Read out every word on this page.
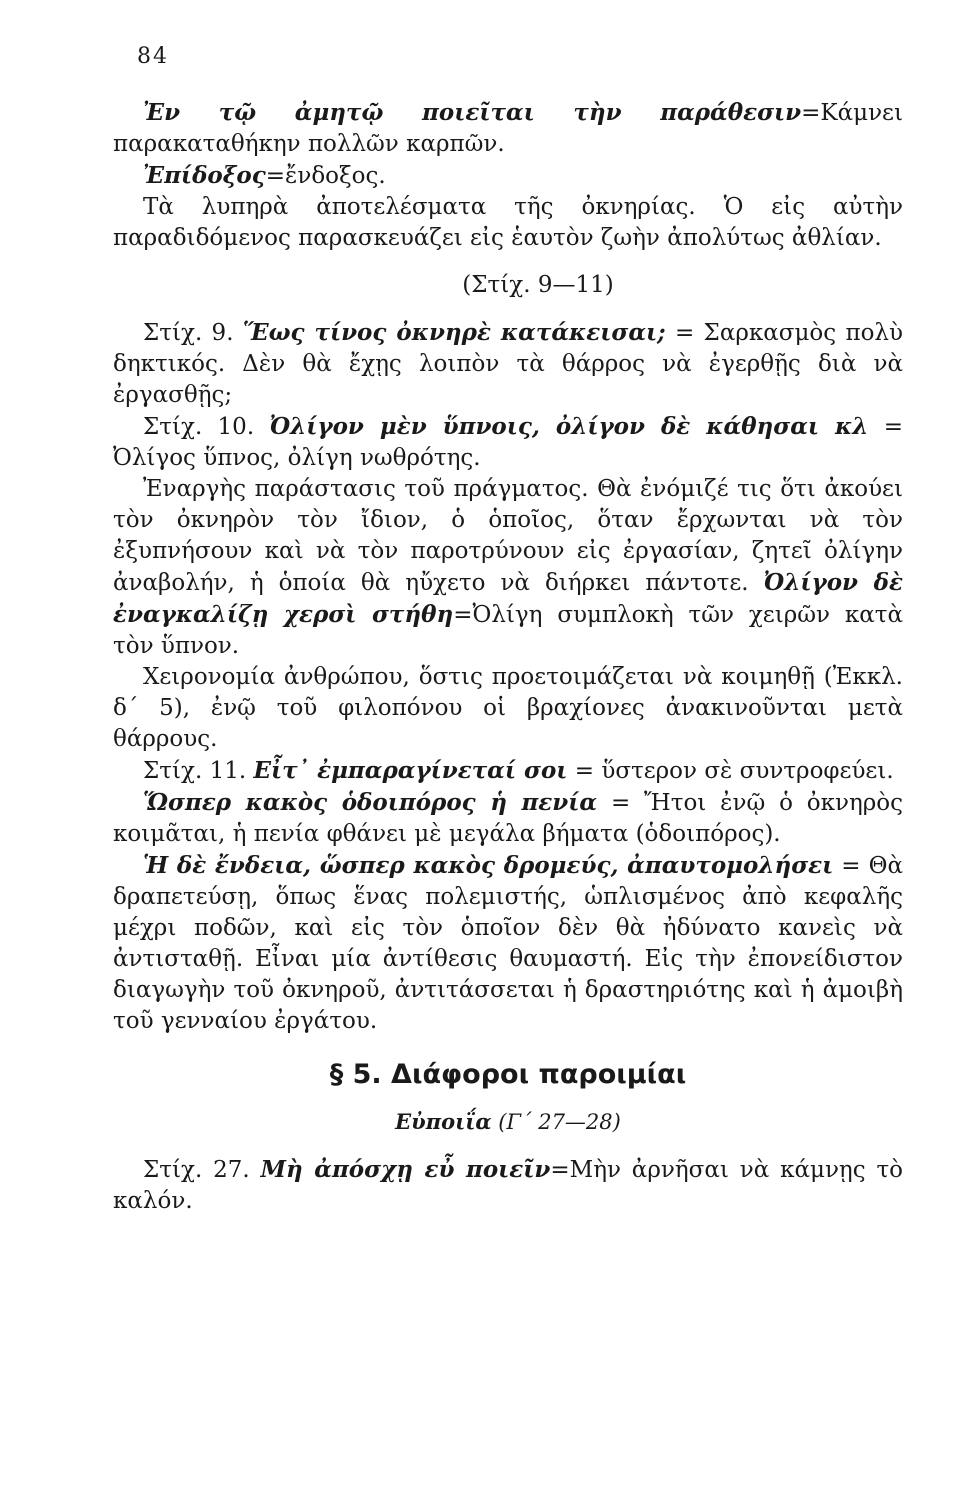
84

Ἐν τῷ ἀμητῷ ποιεῖται τὴν παράθεσιν=Κάμνει παρακαταθήκην πολλῶν καρπῶν.

Ἐπίδοξος=ἔνδοξος.

Τὰ λυπηρὰ ἀποτελέσματα τῆς ὀκνηρίας. Ὁ εἰς αὐτὴν παραδιδόμενος παρασκευάζει εἰς ἑαυτὸν ζωὴν ἀπολύτως ἀθλίαν.

(Στίχ. 9—11)

Στίχ. 9. Ἕως τίνος ὀκνηρὲ κατάκεισαι; = Σαρκασμὸς πολὺ δηκτικός. Δὲν θὰ ἔχῃς λοιπὸν τὰ θάρρος νὰ ἐγερθῇς διὰ νὰ ἐργασθῇς;

Στίχ. 10. Ὀλίγον μὲν ὕπνοις, ὀλίγον δὲ κάθησαι κλ = Ὀλίγος ὕπνος, ὀλίγη νωθρότης.

Ἐναργὴς παράστασις τοῦ πράγματος. Θὰ ἐνόμιζέ τις ὅτι ἀκούει τὸν ὀκνηρὸν τὸν ἴδιον, ὁ ὁποῖος, ὅταν ἔρχωνται νὰ τὸν ἐξυπνήσουν καὶ νὰ τὸν παροτρύνουν εἰς ἐργασίαν, ζητεῖ ὀλίγην ἀναβολήν, ἡ ὁποία θὰ ηὔχετο νὰ διήρκει πάντοτε. Ὀλίγον δὲ ἐναγκαλίζῃ χερσὶ στήθη=Ὀλίγη συμπλοκὴ τῶν χειρῶν κατὰ τὸν ὕπνον.

Χειρονομία ἀνθρώπου, ὅστις προετοιμάζεται νὰ κοιμηθῇ (Ἐκκλ. δ΄ 5), ἐνῷ τοῦ φιλοπόνου οἱ βραχίονες ἀνακινοῦνται μετὰ θάρρους.

Στίχ. 11. Εἶτ᾿ ἐμπαραγίνεταί σοι = ὕστερον σὲ συντροφεύει.

Ὥσπερ κακὸς ὁδοιπόρος ἡ πενία = Ἤτοι ἐνῷ ὁ ὀκνηρὸς κοιμᾶται, ἡ πενία φθάνει μὲ μεγάλα βήματα (ὁδοιπόρος).

Ἡ δὲ ἔνδεια, ὥσπερ κακὸς δρομεύς, ἀπαυτομολήσει = Θὰ δραπετεύσῃ, ὅπως ἕνας πολεμιστής, ὡπλισμένος ἀπὸ κεφαλῆς μέχρι ποδῶν, καὶ εἰς τὸν ὁποῖον δὲν θὰ ἠδύνατο κανεὶς νὰ ἀντισταθῇ. Εἶναι μία ἀντίθεσις θαυμαστή. Εἰς τὴν ἐπονείδιστον διαγωγὴν τοῦ ὀκνηροῦ, ἀντιτάσσεται ἡ δραστηριότης καὶ ἡ ἀμοιβὴ τοῦ γενναίου ἐργάτου.

§ 5. Διάφοροι παροιμίαι

Εὐποιΐα (Γ΄ 27—28)

Στίχ. 27. Μὴ ἀπόσχῃ εὖ ποιεῖν=Μὴν ἀρνῆσαι νὰ κάμνῃς τὸ καλόν.
